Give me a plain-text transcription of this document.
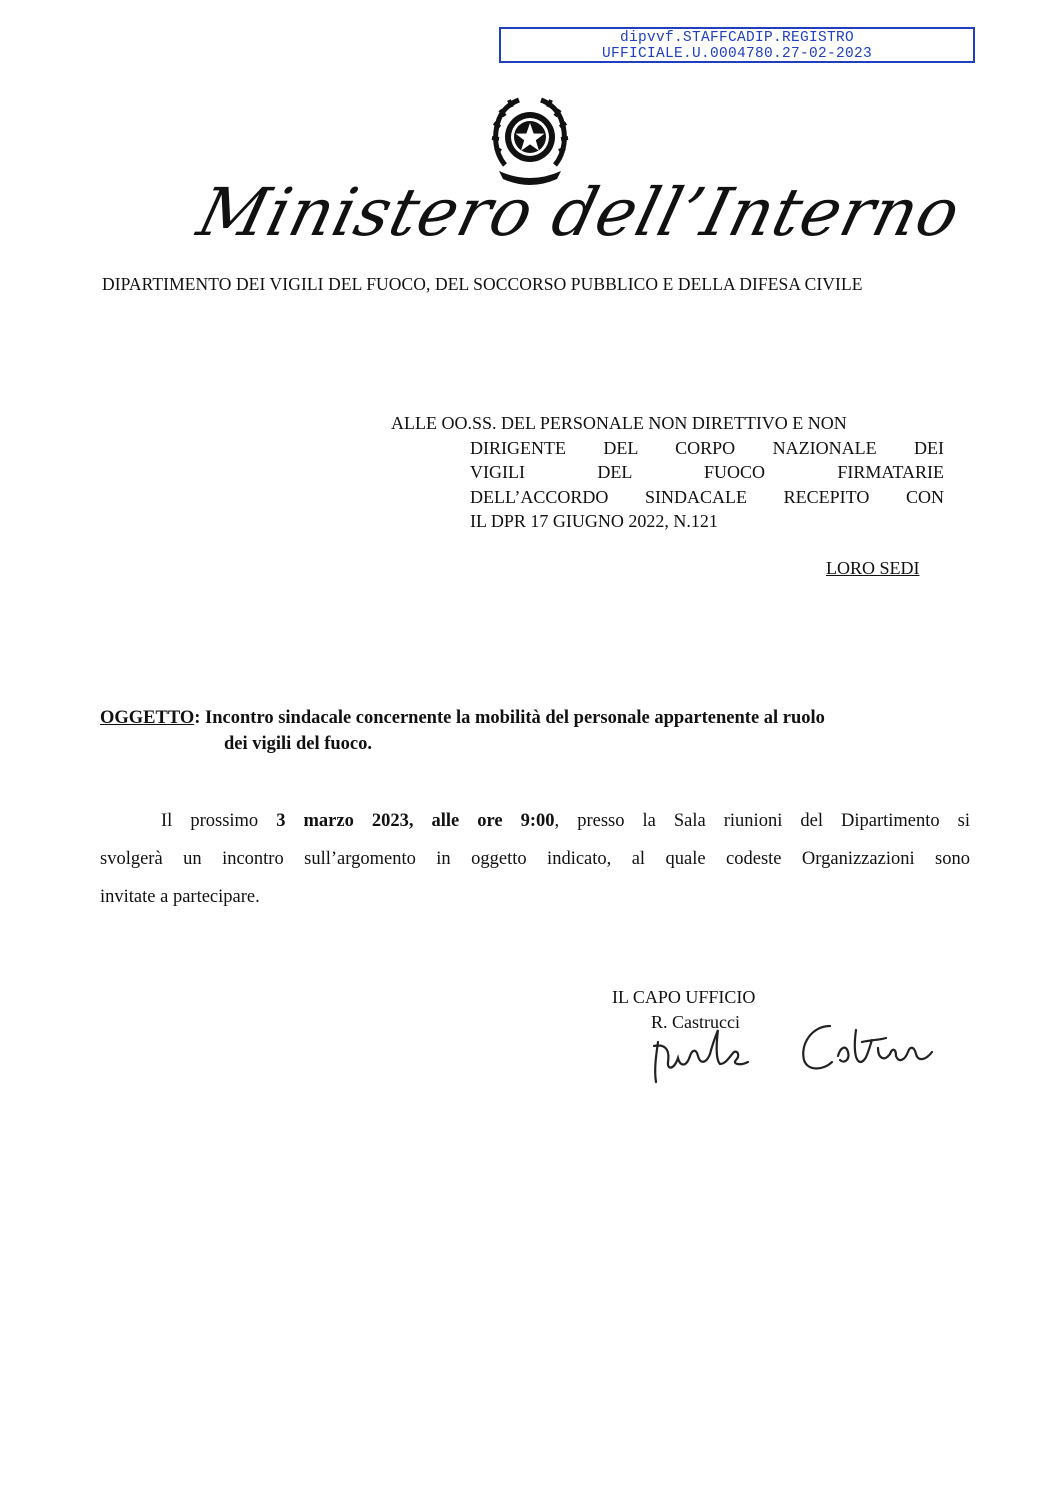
dipvvf.STAFFCADIP.REGISTRO
UFFICIALE.U.0004780.27-02-2023
Ministero dell’Interno
DIPARTIMENTO DEI VIGILI DEL FUOCO, DEL SOCCORSO PUBBLICO E DELLA DIFESA CIVILE
ALLE OO.SS. DEL PERSONALE NON DIRETTIVO E NON
DIRIGENTE DEL CORPO NAZIONALE DEI
VIGILI DEL FUOCO FIRMATARIE
DELL’ACCORDO SINDACALE RECEPITO CON
IL DPR 17 GIUGNO 2022, N.121
LORO SEDI
OGGETTO: Incontro sindacale concernente la mobilità del personale appartenente al ruolo
dei vigili del fuoco.
Il prossimo 3 marzo 2023, alle ore 9:00, presso la Sala riunioni del Dipartimento si
svolgerà un incontro sull’argomento in oggetto indicato, al quale codeste Organizzazioni sono
invitate a partecipare.
IL CAPO UFFICIO
R. Castrucci
